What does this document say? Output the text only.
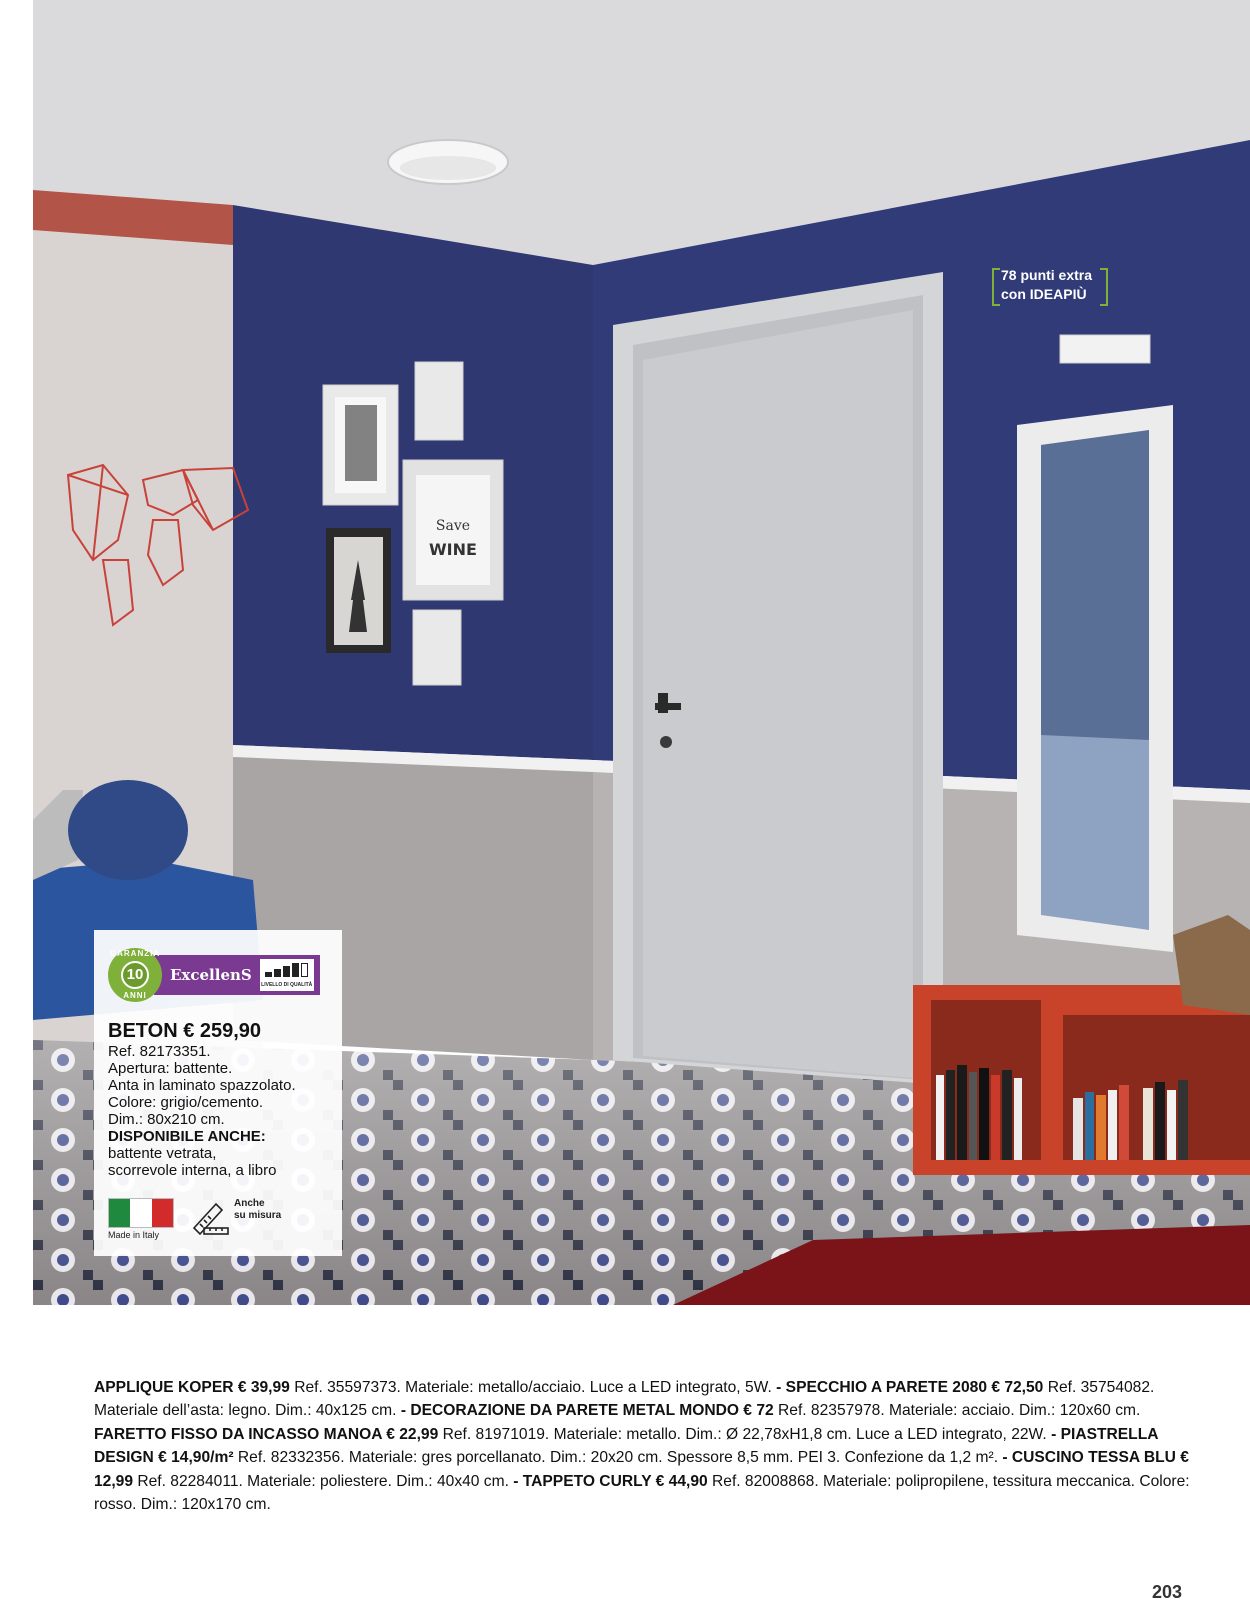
Save
WINE
78 punti extra
con IDEAPIÙ
GARANZIA
10
ANNI
ExcellenS
LIVELLO DI QUALITÀ
BETON € 259,90
Ref. 82173351.
Apertura: battente.
Anta in laminato spazzolato.
Colore: grigio/cemento.
Dim.: 80x210 cm.
DISPONIBILE ANCHE:
battente vetrata,
scorrevole interna, a libro
Made in Italy
Anche
su misura
APPLIQUE KOPER € 39,99 Ref. 35597373. Materiale: metallo/acciaio. Luce a LED integrato, 5W. - SPECCHIO A PARETE 2080 € 72,50 Ref. 35754082. Materiale dell’asta: legno. Dim.: 40x125 cm. - DECORAZIONE DA PARETE METAL MONDO € 72 Ref. 82357978. Materiale: acciaio. Dim.: 120x60 cm. FARETTO FISSO DA INCASSO MANOA € 22,99 Ref. 81971019. Materiale: metallo. Dim.: Ø 22,78xH1,8 cm. Luce a LED integrato, 22W. - PIASTRELLA DESIGN € 14,90/m² Ref. 82332356. Materiale: gres porcellanato. Dim.: 20x20 cm. Spessore 8,5 mm. PEI 3. Confezione da 1,2 m². - CUSCINO TESSA BLU € 12,99 Ref. 82284011. Materiale: poliestere. Dim.: 40x40 cm. - TAPPETO CURLY € 44,90 Ref. 82008868. Materiale: polipropilene, tessitura meccanica. Colore: rosso. Dim.: 120x170 cm.
203
